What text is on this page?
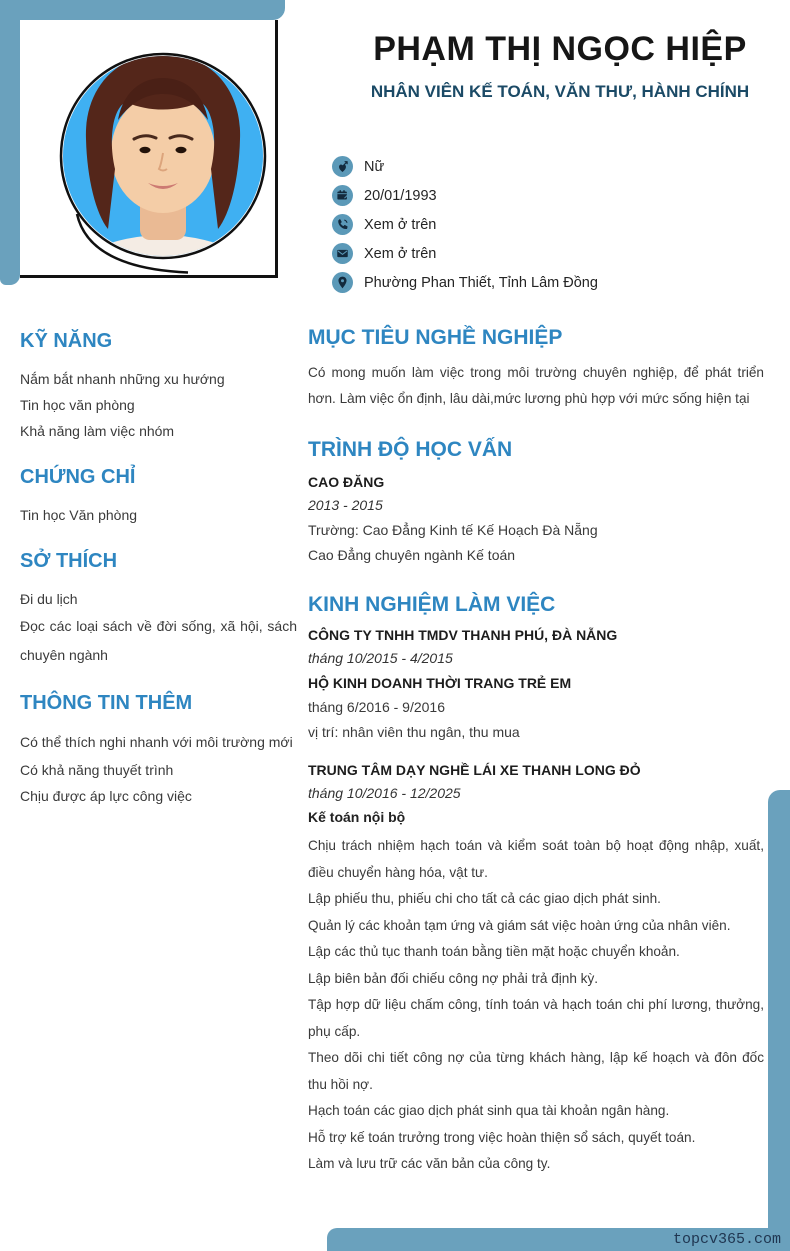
PHẠM THỊ NGỌC HIỆP
NHÂN VIÊN KẾ TOÁN, VĂN THƯ, HÀNH CHÍNH
Nữ
20/01/1993
Xem ở trên
Xem ở trên
Phường Phan Thiết, Tỉnh Lâm Đồng
KỸ NĂNG
Nắm bắt nhanh những xu hướng
Tin học văn phòng
Khả năng làm việc nhóm
CHỨNG CHỈ
Tin học Văn phòng
SỞ THÍCH
Đi du lịch
Đọc các loại sách về đời sống, xã hội, sách chuyên ngành
THÔNG TIN THÊM
Có thể thích nghi nhanh với môi trường mới
Có khả năng thuyết trình
Chịu được áp lực công việc
MỤC TIÊU NGHỀ NGHIỆP
Có mong muốn làm việc trong môi trường chuyên nghiệp, để phát triển hơn. Làm việc ổn định, lâu dài,mức lương phù hợp với mức sống hiện tại
TRÌNH ĐỘ HỌC VẤN
CAO ĐĂNG
2013 - 2015
Trường: Cao Đẳng Kinh tế Kế Hoạch Đà Nẵng
Cao Đẳng chuyên ngành Kế toán
KINH NGHIỆM LÀM VIỆC
CÔNG TY TNHH TMDV THANH PHÚ, ĐÀ NẴNG
tháng 10/2015 - 4/2015
HỘ KINH DOANH THỜI TRANG TRẺ EM
tháng 6/2016 - 9/2016
vị trí: nhân viên thu ngân, thu mua
TRUNG TÂM DẠY NGHỀ LÁI XE THANH LONG ĐỎ
tháng 10/2016 - 12/2025
Kế toán nội bộ

Chịu trách nhiệm hạch toán và kiểm soát toàn bộ hoạt động nhập, xuất, điều chuyển hàng hóa, vật tư.

Lập phiếu thu, phiếu chi cho tất cả các giao dịch phát sinh.

Quản lý các khoản tạm ứng và giám sát việc hoàn ứng của nhân viên.

Lập các thủ tục thanh toán bằng tiền mặt hoặc chuyển khoản.

Lập biên bản đối chiếu công nợ phải trả định kỳ.

Tập hợp dữ liệu chấm công, tính toán và hạch toán chi phí lương, thưởng, phụ cấp.

Theo dõi chi tiết công nợ của từng khách hàng, lập kế hoạch và đôn đốc thu hồi nợ.

Hạch toán các giao dịch phát sinh qua tài khoản ngân hàng.

Hỗ trợ kế toán trưởng trong việc hoàn thiện sổ sách, quyết toán.

Làm và lưu trữ các văn bản của công ty.

topcv365.com
